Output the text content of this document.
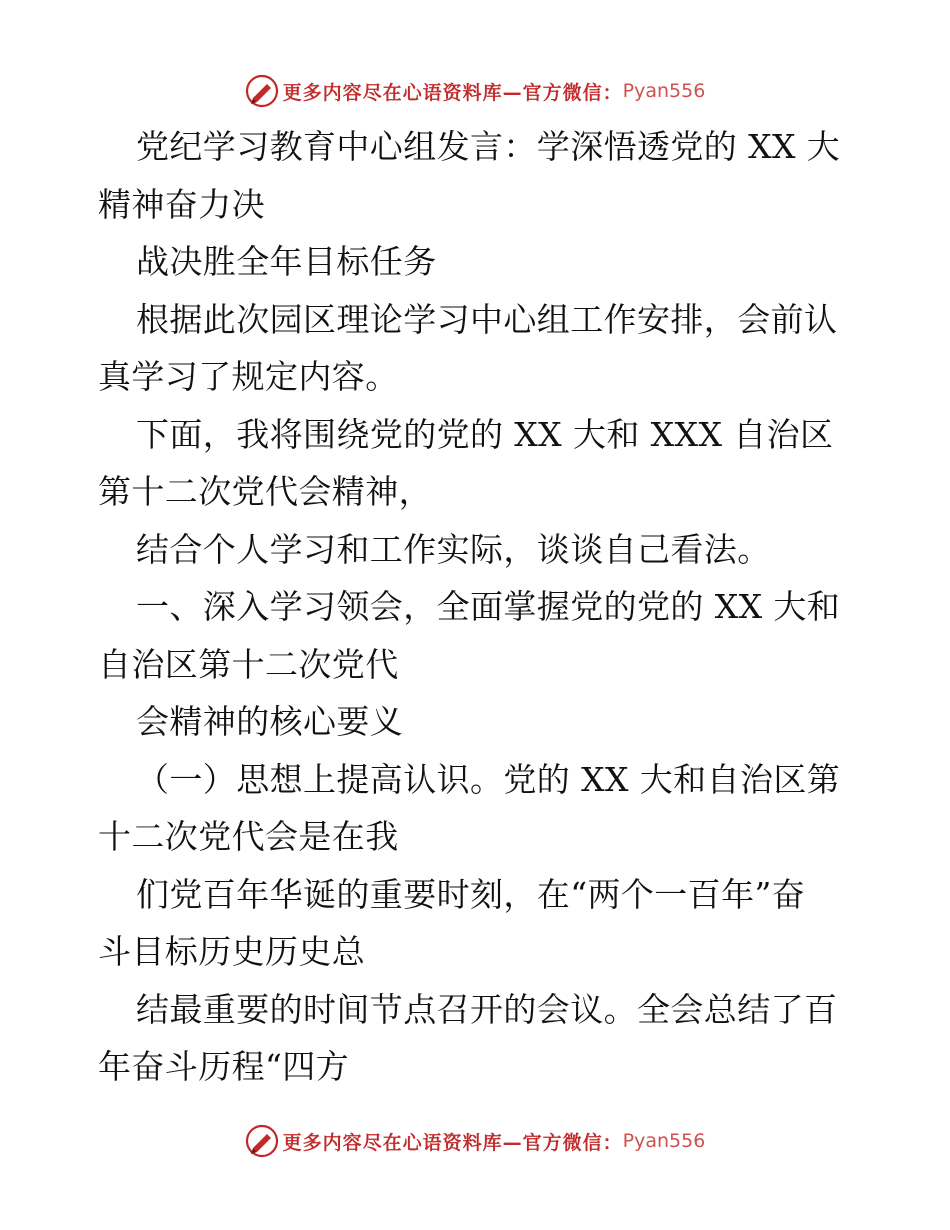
更多内容尽在心语资料库—官方微信： Pyan556
党纪学习教育中心组发言：学深悟透党的 XX 大
精神奋力决
战决胜全年目标任务
根据此次园区理论学习中心组工作安排，会前认
真学习了规定内容。
下面，我将围绕党的党的 XX 大和 XXX 自治区
第十二次党代会精神，
结合个人学习和工作实际，谈谈自己看法。
一、深入学习领会，全面掌握党的党的 XX 大和
自治区第十二次党代
会精神的核心要义
（一）思想上提高认识。党的 XX 大和自治区第
十二次党代会是在我
们党百年华诞的重要时刻，在“两个一百年”奋
斗目标历史历史总
结最重要的时间节点召开的会议。全会总结了百
年奋斗历程“四方
更多内容尽在心语资料库—官方微信： Pyan556
